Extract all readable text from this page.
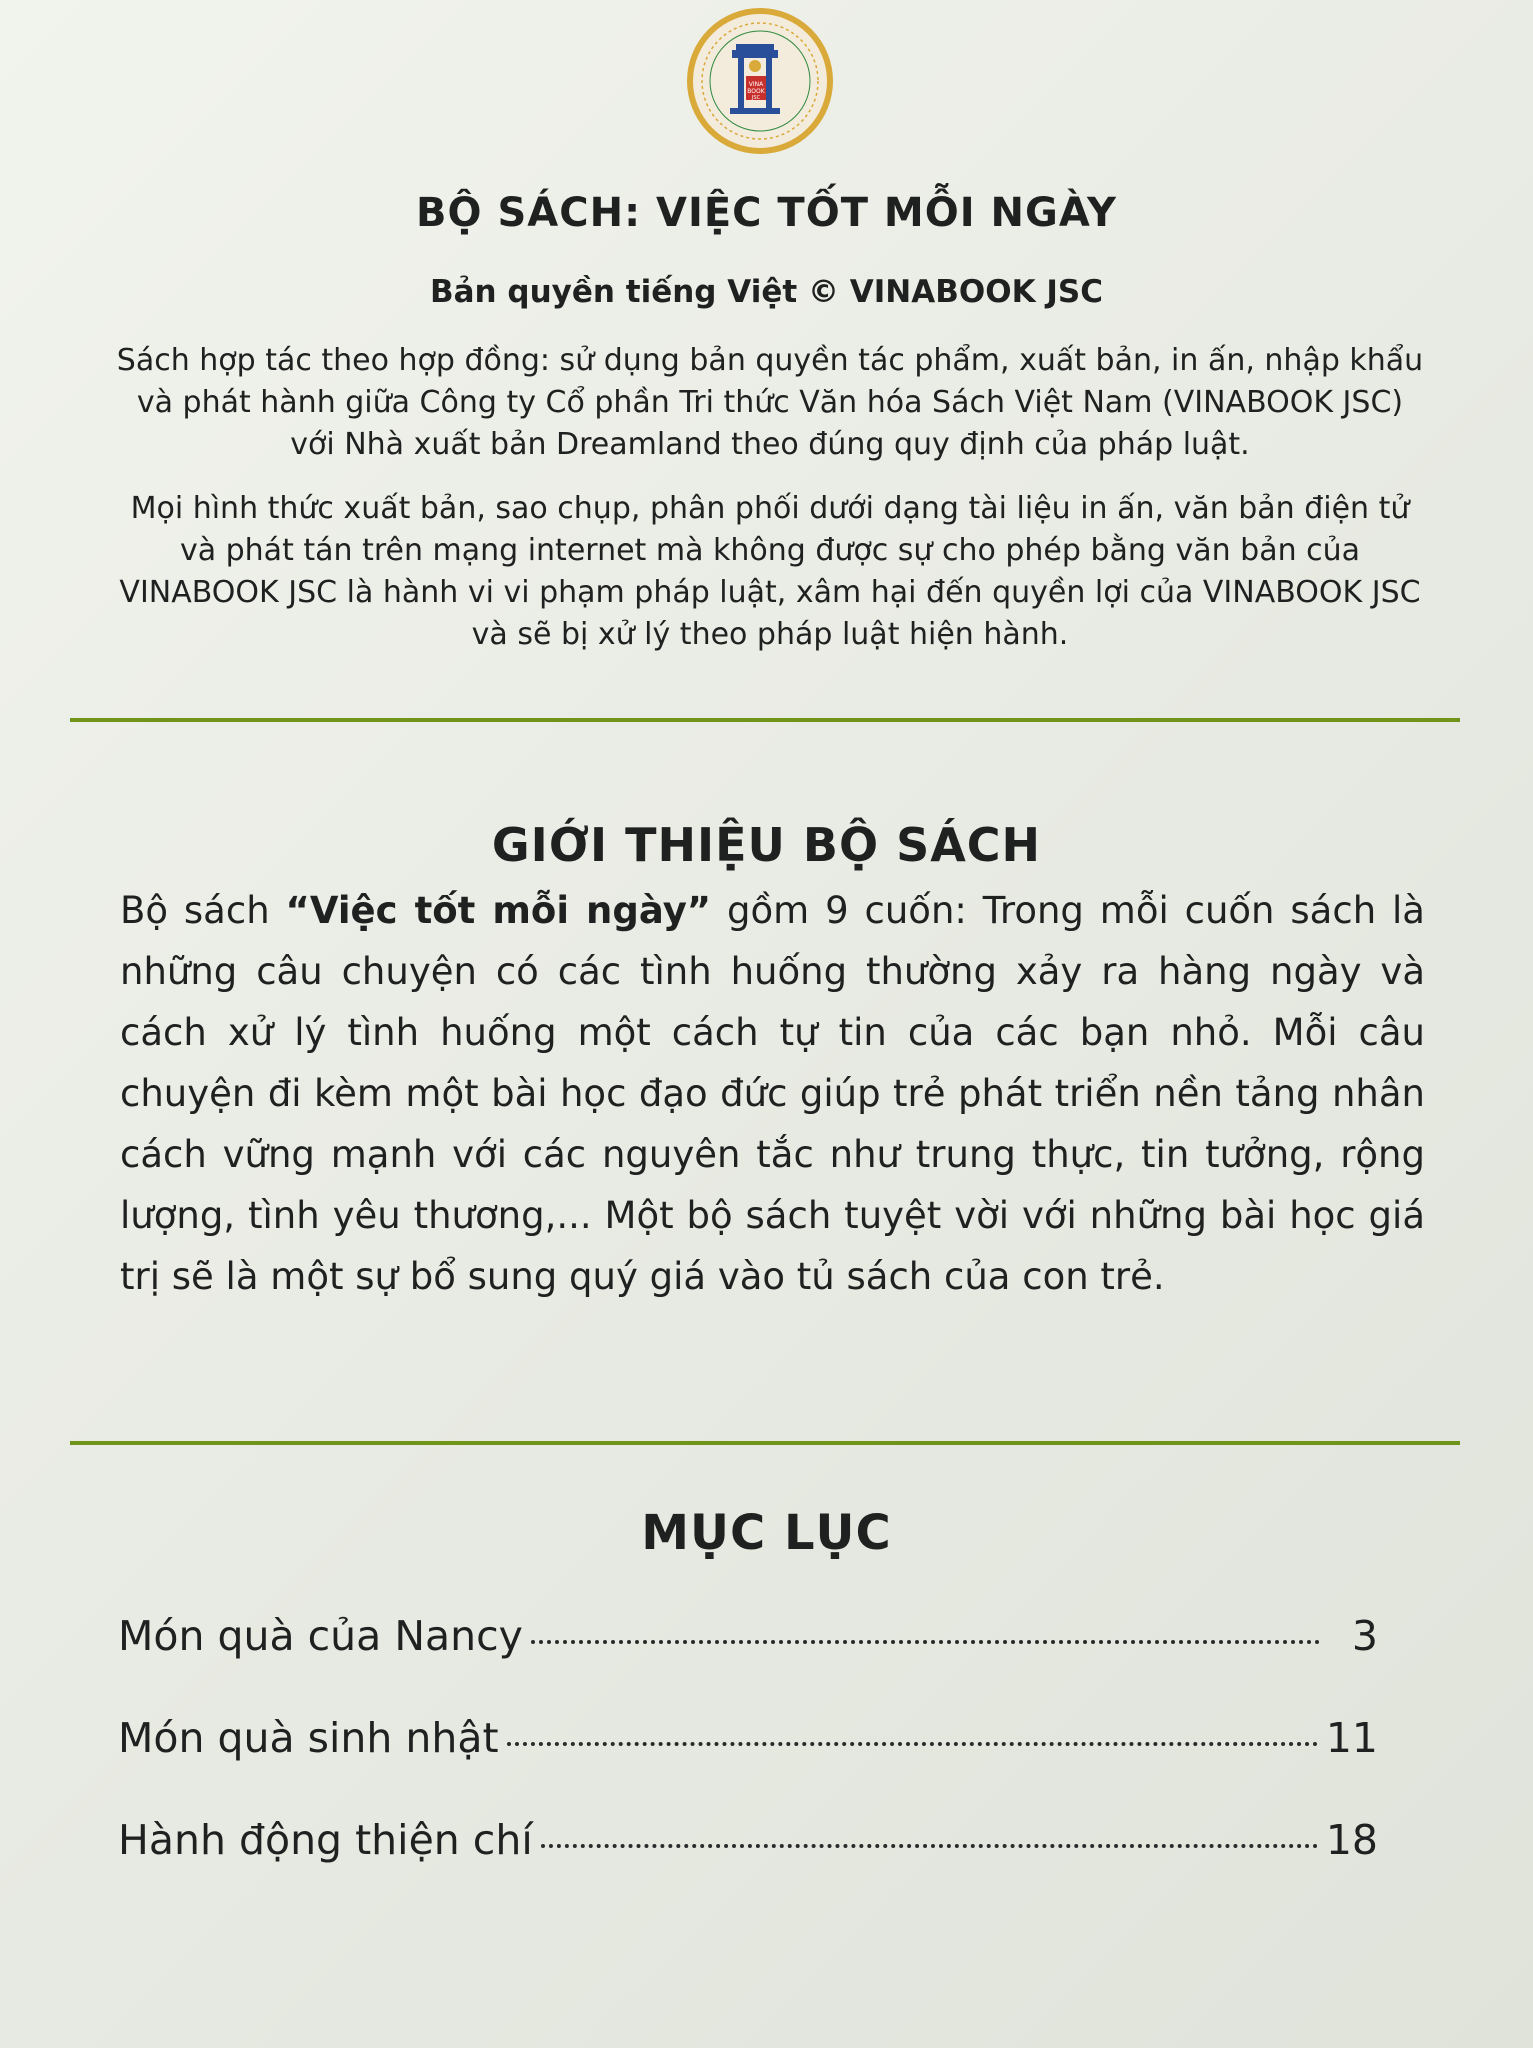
VINA
BOOK
JSC
BỘ SÁCH: VIỆC TỐT MỖI NGÀY
Bản quyền tiếng Việt © VINABOOK JSC
Sách hợp tác theo hợp đồng: sử dụng bản quyền tác phẩm, xuất bản, in ấn, nhập khẩu và phát hành giữa Công ty Cổ phần Tri thức Văn hóa Sách Việt Nam (VINABOOK JSC) với Nhà xuất bản Dreamland theo đúng quy định của pháp luật.
Mọi hình thức xuất bản, sao chụp, phân phối dưới dạng tài liệu in ấn, văn bản điện tử và phát tán trên mạng internet mà không được sự cho phép bằng văn bản của VINABOOK JSC là hành vi vi phạm pháp luật, xâm hại đến quyền lợi của VINABOOK JSC và sẽ bị xử lý theo pháp luật hiện hành.
GIỚI THIỆU BỘ SÁCH
Bộ sách “Việc tốt mỗi ngày” gồm 9 cuốn: Trong mỗi cuốn sách là những câu chuyện có các tình huống thường xảy ra hàng ngày và cách xử lý tình huống một cách tự tin của các bạn nhỏ. Mỗi câu chuyện đi kèm một bài học đạo đức giúp trẻ phát triển nền tảng nhân cách vững mạnh với các nguyên tắc như trung thực, tin tưởng, rộng lượng, tình yêu thương,... Một bộ sách tuyệt vời với những bài học giá trị sẽ là một sự bổ sung quý giá vào tủ sách của con trẻ.
MỤC LỤC
Món quà của Nancy	3
Món quà sinh nhật	11
Hành động thiện chí	18
